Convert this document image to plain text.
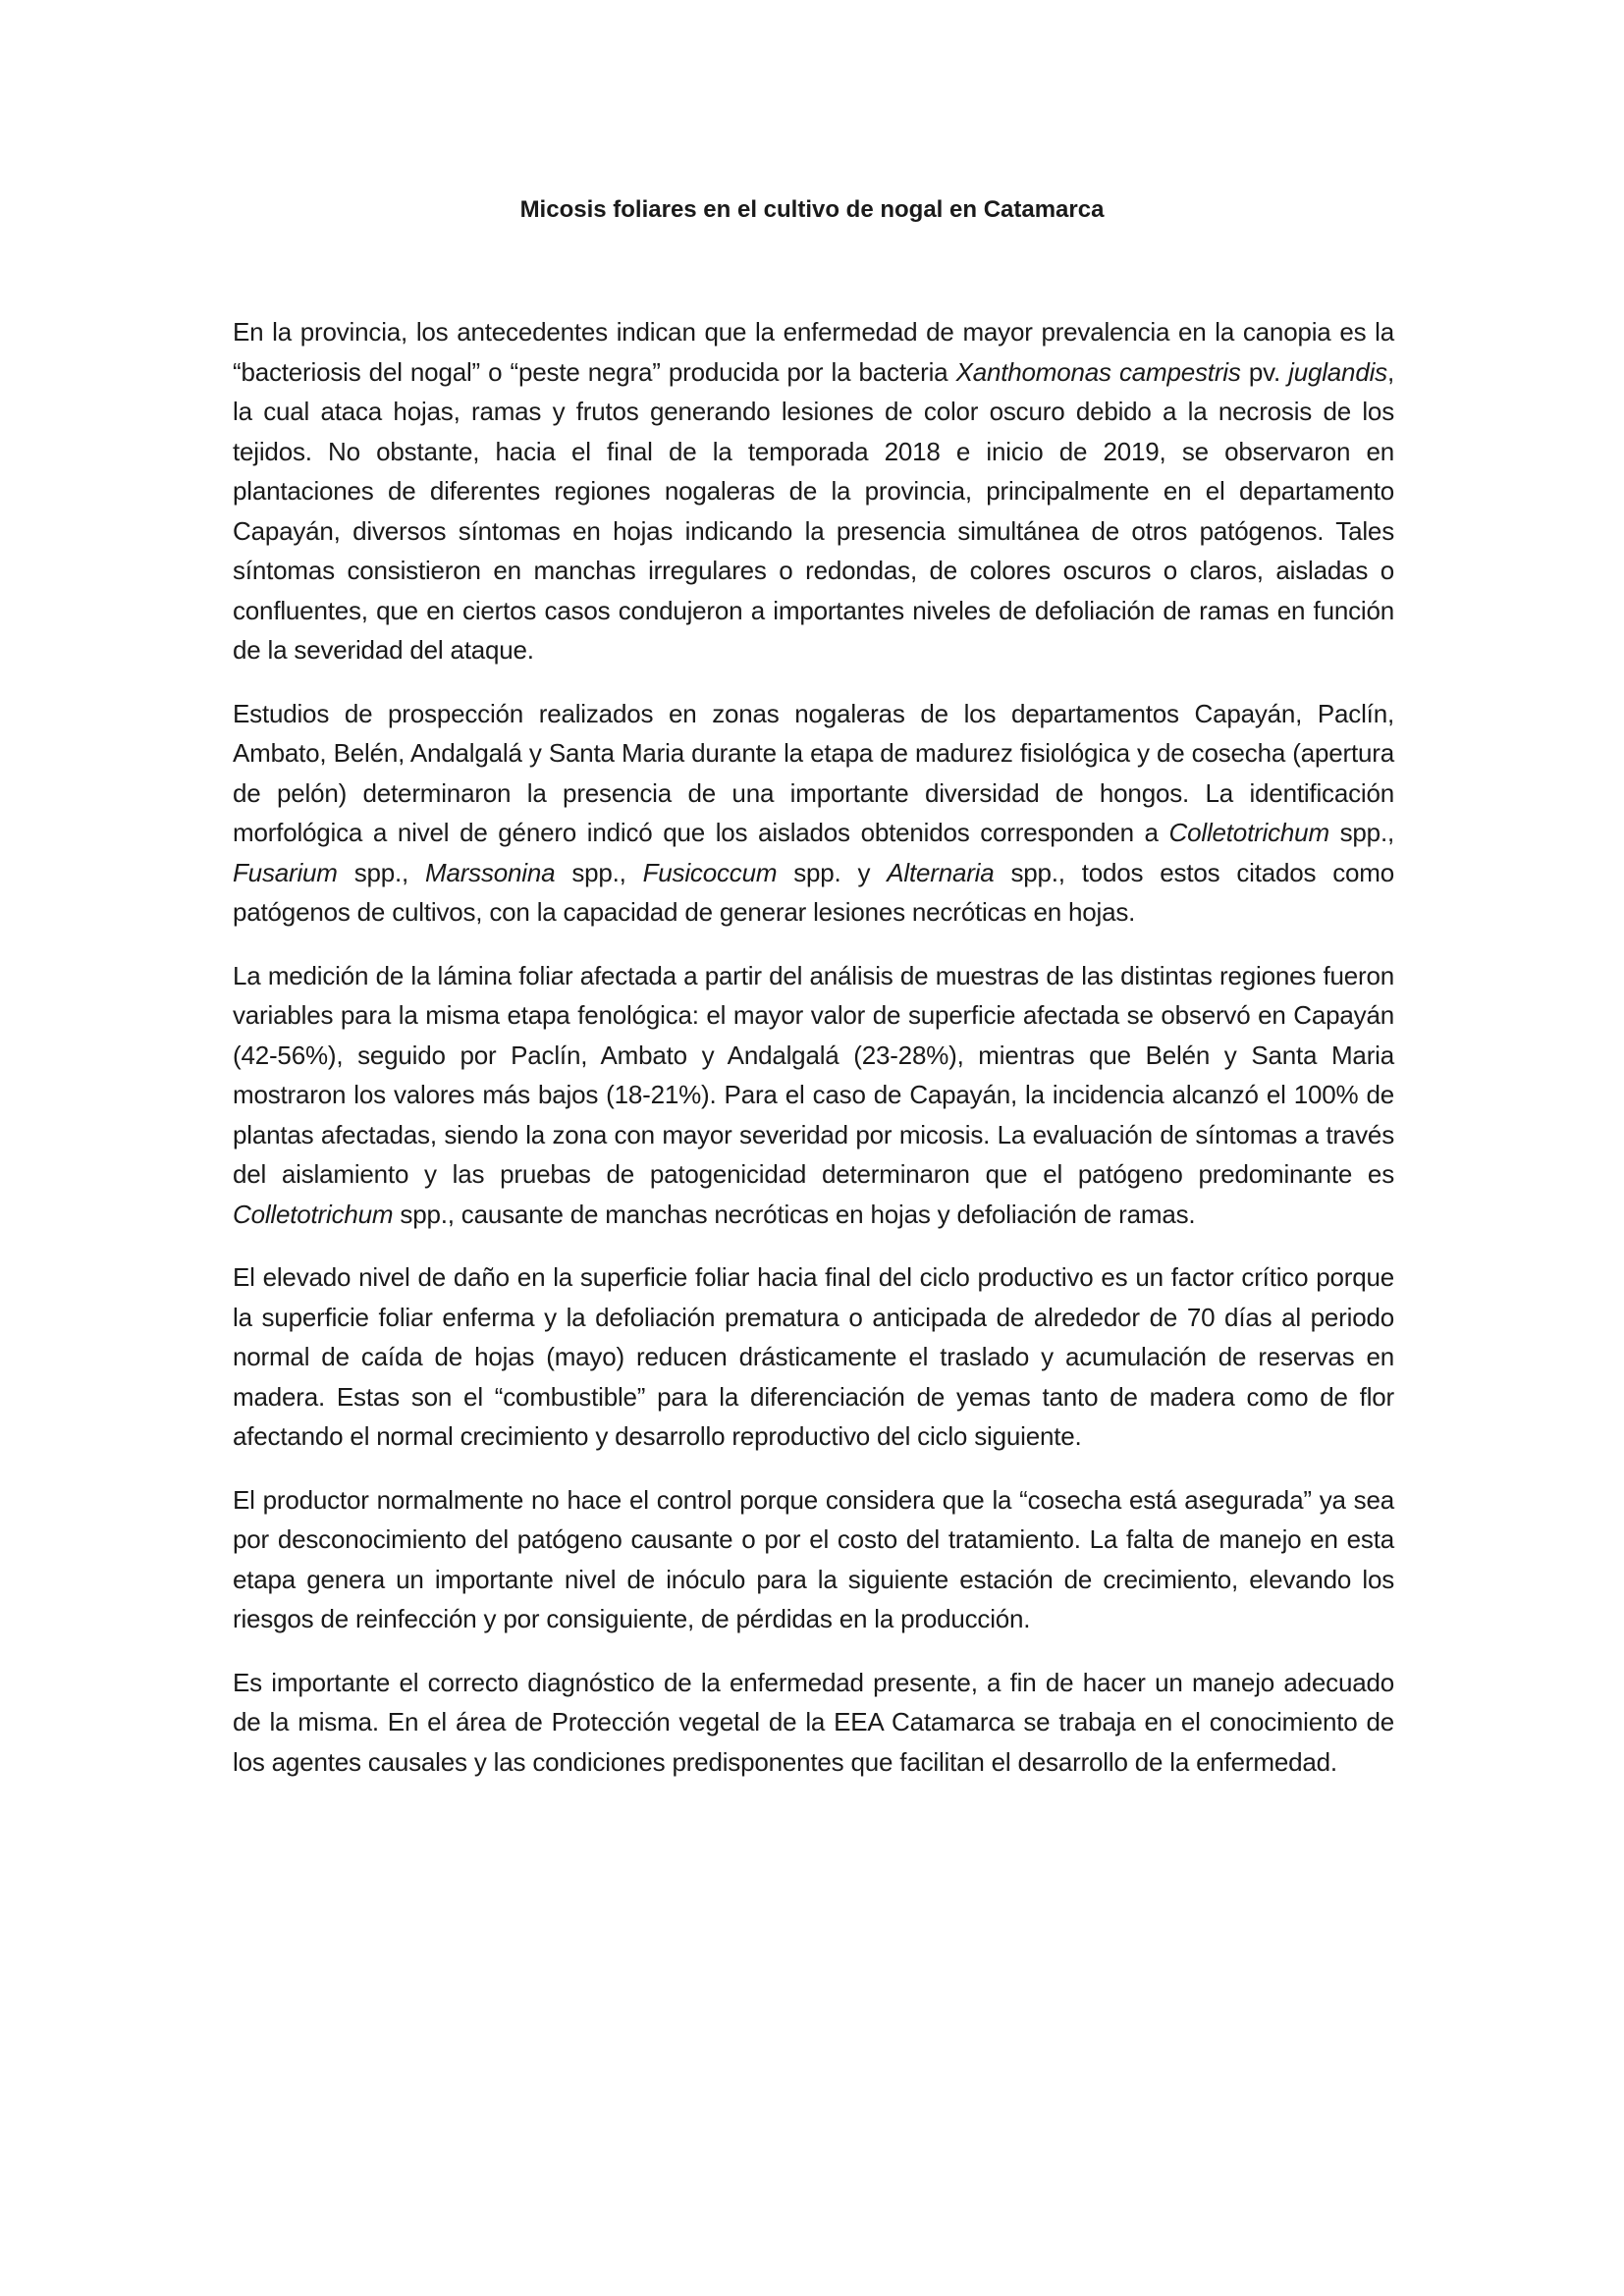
Micosis foliares en el cultivo de nogal en Catamarca

En la provincia, los antecedentes indican que la enfermedad de mayor prevalencia en la canopia es la “bacteriosis del nogal” o “peste negra” producida por la bacteria Xanthomonas campestris pv. juglandis, la cual ataca hojas, ramas y frutos generando lesiones de color oscuro debido a la necrosis de los tejidos. No obstante, hacia el final de la temporada 2018 e inicio de 2019, se observaron en plantaciones de diferentes regiones nogaleras de la provincia, principalmente en el departamento Capayán, diversos síntomas en hojas indicando la presencia simultánea de otros patógenos. Tales síntomas consistieron en manchas irregulares o redondas, de colores oscuros o claros, aisladas o confluentes, que en ciertos casos condujeron a importantes niveles de defoliación de ramas en función de la severidad del ataque.

Estudios de prospección realizados en zonas nogaleras de los departamentos Capayán, Paclín, Ambato, Belén, Andalgalá y Santa Maria durante la etapa de madurez fisiológica y de cosecha (apertura de pelón) determinaron la presencia de una importante diversidad de hongos. La identificación morfológica a nivel de género indicó que los aislados obtenidos corresponden a Colletotrichum spp., Fusarium spp., Marssonina spp., Fusicoccum spp. y Alternaria spp., todos estos citados como patógenos de cultivos, con la capacidad de generar lesiones necróticas en hojas.

La medición de la lámina foliar afectada a partir del análisis de muestras de las distintas regiones fueron variables para la misma etapa fenológica: el mayor valor de superficie afectada se observó en Capayán (42-56%), seguido por Paclín, Ambato y Andalgalá (23-28%), mientras que Belén y Santa Maria mostraron los valores más bajos (18-21%). Para el caso de Capayán, la incidencia alcanzó el 100% de plantas afectadas, siendo la zona con mayor severidad por micosis. La evaluación de síntomas a través del aislamiento y las pruebas de patogenicidad determinaron que el patógeno predominante es Colletotrichum spp., causante de manchas necróticas en hojas y defoliación de ramas.

El elevado nivel de daño en la superficie foliar hacia final del ciclo productivo es un factor crítico porque la superficie foliar enferma y la defoliación prematura o anticipada de alrededor de 70 días al periodo normal de caída de hojas (mayo) reducen drásticamente el traslado y acumulación de reservas en madera. Estas son el “combustible” para la diferenciación de yemas tanto de madera como de flor afectando el normal crecimiento y desarrollo reproductivo del ciclo siguiente.

El productor normalmente no hace el control porque considera que la “cosecha está asegurada” ya sea por desconocimiento del patógeno causante o por el costo del tratamiento. La falta de manejo en esta etapa genera un importante nivel de inóculo para la siguiente estación de crecimiento, elevando los riesgos de reinfección y por consiguiente, de pérdidas en la producción.

Es importante el correcto diagnóstico de la enfermedad presente, a fin de hacer un manejo adecuado de la misma. En el área de Protección vegetal de la EEA Catamarca se trabaja en el conocimiento de los agentes causales y las condiciones predisponentes que facilitan el desarrollo de la enfermedad.
